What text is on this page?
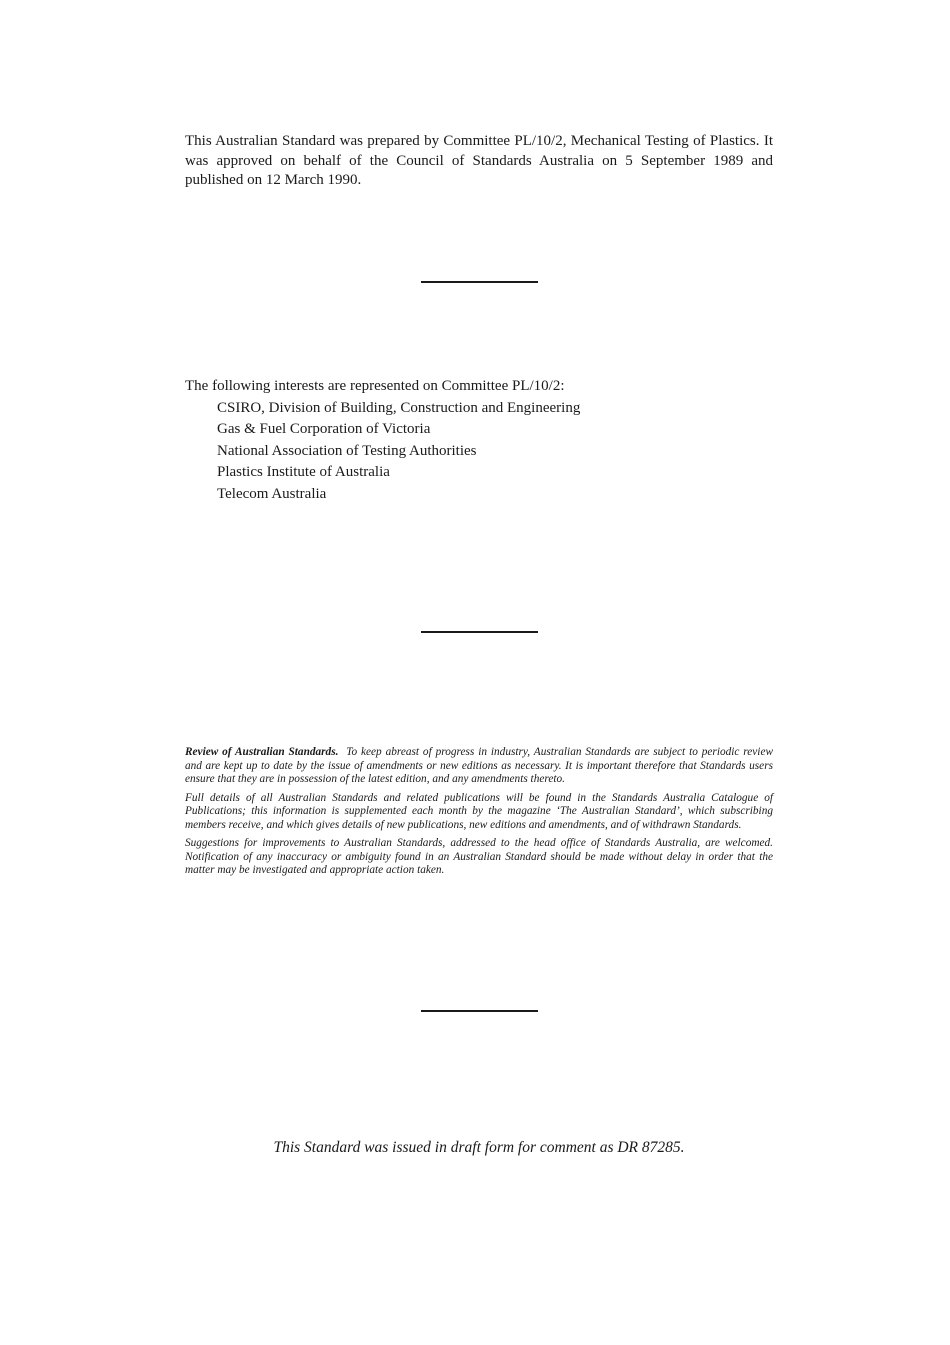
This Australian Standard was prepared by Committee PL/10/2, Mechanical Testing of Plastics. It was approved on behalf of the Council of Standards Australia on 5 September 1989 and published on 12 March 1990.
The following interests are represented on Committee PL/10/2:
CSIRO, Division of Building, Construction and Engineering
Gas & Fuel Corporation of Victoria
National Association of Testing Authorities
Plastics Institute of Australia
Telecom Australia

Review of Australian Standards. To keep abreast of progress in industry, Australian Standards are subject to periodic review and are kept up to date by the issue of amendments or new editions as necessary. It is important therefore that Standards users ensure that they are in possession of the latest edition, and any amendments thereto.

Full details of all Australian Standards and related publications will be found in the Standards Australia Catalogue of Publications; this information is supplemented each month by the magazine ‘The Australian Standard’, which subscribing members receive, and which gives details of new publications, new editions and amendments, and of withdrawn Standards.

Suggestions for improvements to Australian Standards, addressed to the head office of Standards Australia, are welcomed. Notification of any inaccuracy or ambiguity found in an Australian Standard should be made without delay in order that the matter may be investigated and appropriate action taken.

This Standard was issued in draft form for comment as DR 87285.
